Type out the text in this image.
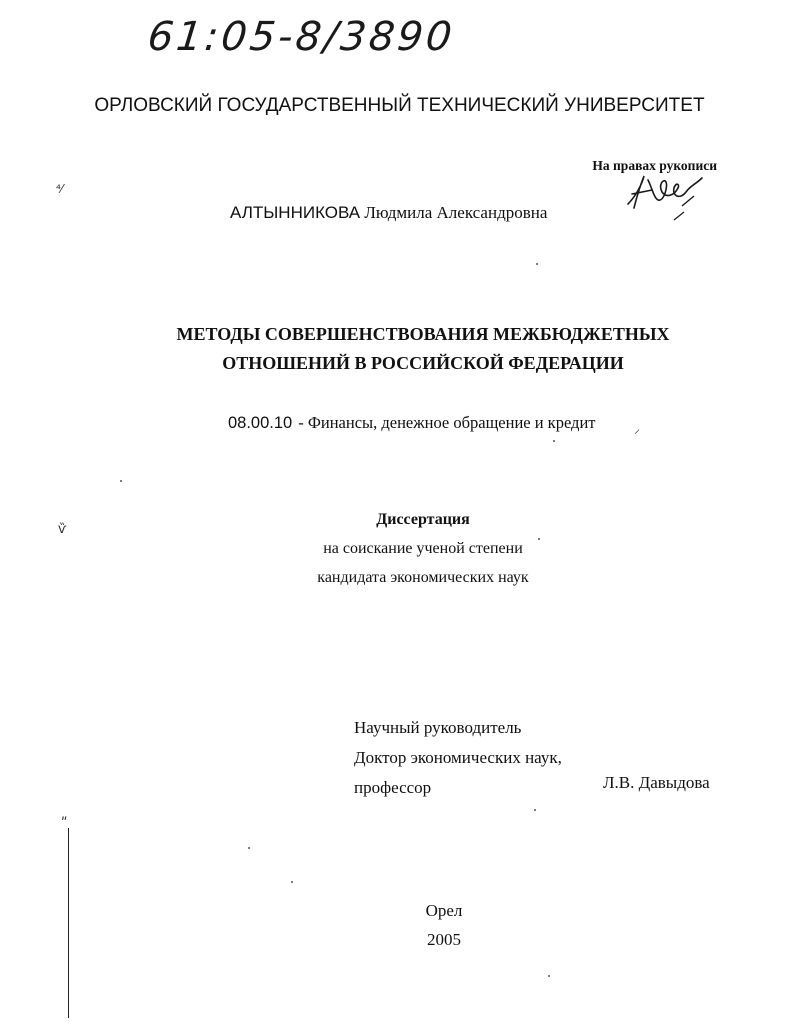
61:05-8/3890
ОРЛОВСКИЙ ГОСУДАРСТВЕННЫЙ ТЕХНИЧЕСКИЙ УНИВЕРСИТЕТ
На правах рукописи
АЛТЫННИКОВА Людмила Александровна
МЕТОДЫ СОВЕРШЕНСТВОВАНИЯ МЕЖБЮДЖЕТНЫХ
ОТНОШЕНИЙ В РОССИЙСКОЙ ФЕДЕРАЦИИ
08.00.10 - Финансы, денежное обращение и кредит
Диссертация
на соискание ученой степени
кандидата экономических наук
Научный руководитель
Доктор экономических наук,
профессор	Л.В. Давыдова
Орел
2005
⁴⁄
ѷ
ʺ
⸝
